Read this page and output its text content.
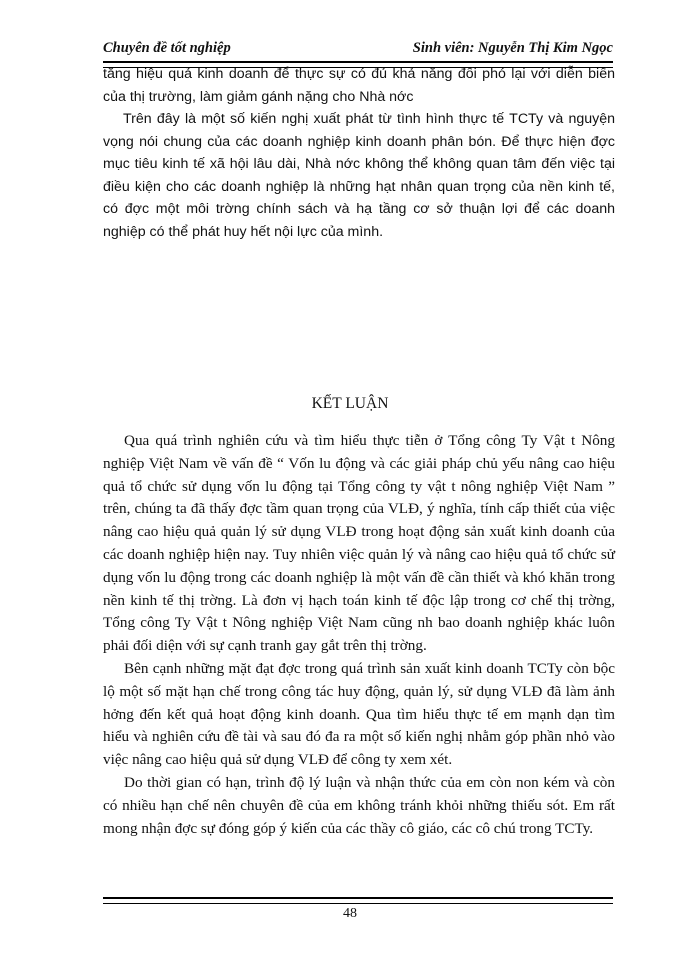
Chuyên đề tốt nghiệp	Sinh viên: Nguyễn Thị Kim Ngọc

tăng hiệu quả kinh doanh để thực sự có đủ khả năng đối phó lại với diễn biến của thị trường, làm giảm gánh nặng cho Nhà nớc

Trên đây là một số kiến nghị xuất phát từ tình hình thực tế TCTy và nguyện vọng nói chung của các doanh nghiệp kinh doanh phân bón. Để thực hiện đợc mục tiêu kinh tế xã hội lâu dài, Nhà nớc không thể không quan tâm đến việc tại điều kiện cho các doanh nghiệp là những hạt nhân quan trọng của nền kinh tế, có đợc một môi trờng chính sách và hạ tầng cơ sở thuận lợi để các doanh nghiệp có thể phát huy hết nội lực của mình.

KẾT LUẬN

Qua quá trình nghiên cứu và tìm hiểu thực tiễn ở Tổng công Ty Vật t Nông nghiệp Việt Nam về vấn đề “ Vốn lu động và các giải pháp chủ yếu nâng cao hiệu quả tổ chức sử dụng vốn lu động tại Tổng công ty vật t nông nghiệp Việt Nam ” trên, chúng ta đã thấy đợc tầm quan trọng của VLĐ, ý nghĩa, tính cấp thiết của việc nâng cao hiệu quả quản lý sử dụng VLĐ trong hoạt động sản xuất kinh doanh của các doanh nghiệp hiện nay. Tuy nhiên việc quản lý và nâng cao hiệu quả tổ chức sử dụng vốn lu động trong các doanh nghiệp là một vấn đề cần thiết và khó khăn trong nền kinh tế thị trờng. Là đơn vị hạch toán kinh tế độc lập trong cơ chế thị trờng, Tổng công Ty Vật t Nông nghiệp Việt Nam cũng nh bao doanh nghiệp khác luôn phải đối diện với sự cạnh tranh gay gắt trên thị trờng.

Bên cạnh những mặt đạt đợc trong quá trình sản xuất kinh doanh TCTy còn bộc lộ một số mặt hạn chế trong công tác huy động, quản lý, sử dụng VLĐ đã làm ảnh hởng đến kết quả hoạt động kinh doanh. Qua tìm hiểu thực tế em mạnh dạn tìm hiểu và nghiên cứu đề tài và sau đó đa ra một số kiến nghị nhằm góp phần nhỏ vào việc nâng cao hiệu quả sử dụng VLĐ để công ty xem xét.

Do thời gian có hạn, trình độ lý luận và nhận thức của em còn non kém và còn có nhiều hạn chế nên chuyên đề của em không tránh khỏi những thiếu sót. Em rất mong nhận đợc sự đóng góp ý kiến của các thầy cô giáo, các cô chú trong TCTy.

48
